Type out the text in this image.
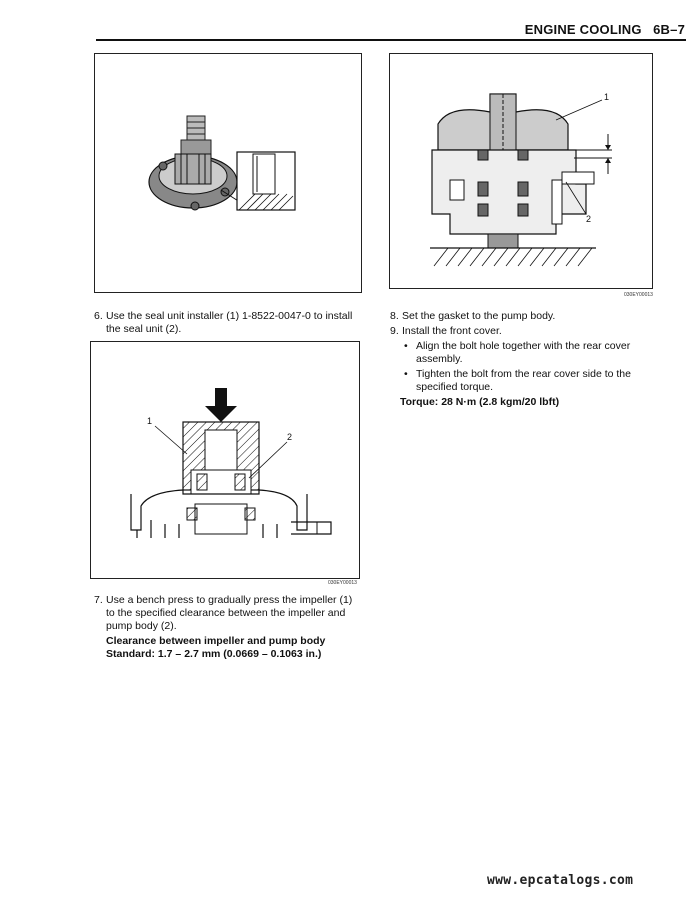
ENGINE COOLING   6B–7
1
2
030EY00013
6. Use the seal unit installer (1) 1-8522-0047-0 to install
the seal unit (2).
1
2
030EY00013
7. Use a bench press to gradually press the impeller (1)
to the specified clearance between the impeller and
pump body (2).
Clearance between impeller and pump body
Standard: 1.7 – 2.7 mm (0.0669 – 0.1063 in.)
8. Set the gasket to the pump body.
9. Install the front cover.
• Align the bolt hole together with the rear cover
assembly.
• Tighten the bolt from the rear cover side to the
specified torque.
Torque: 28 N·m (2.8 kgm/20 lbft)
www.epcatalogs.com
